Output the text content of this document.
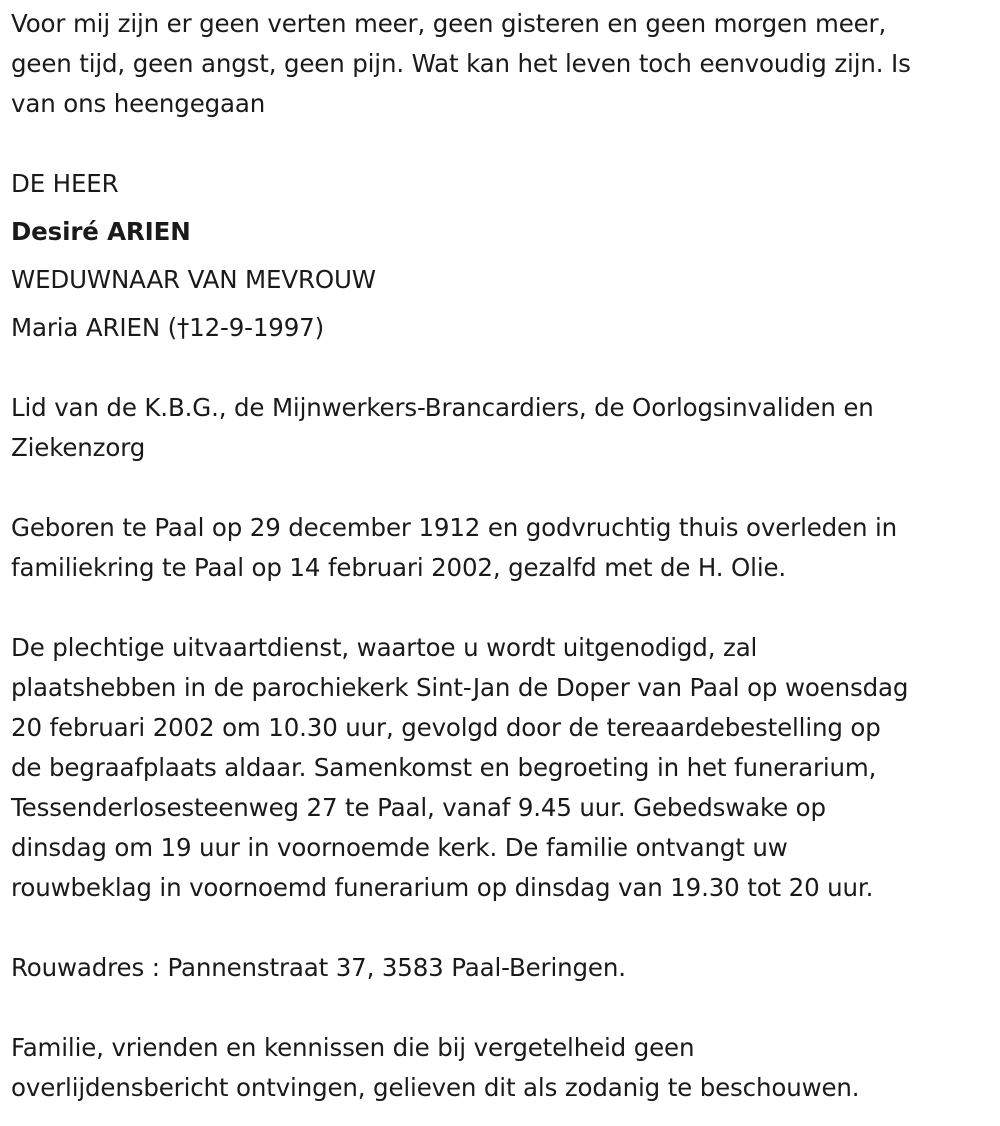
Voor mij zijn er geen verten meer, geen gisteren en geen morgen meer,
geen tijd, geen angst, geen pijn. Wat kan het leven toch eenvoudig zijn. Is
van ons heengegaan

DE HEER

Desiré ARIEN

WEDUWNAAR VAN MEVROUW

Maria ARIEN (†12-9-1997)

Lid van de K.B.G., de Mijnwerkers-Brancardiers, de Oorlogsinvaliden en
Ziekenzorg

Geboren te Paal op 29 december 1912 en godvruchtig thuis overleden in
familiekring te Paal op 14 februari 2002, gezalfd met de H. Olie.

De plechtige uitvaartdienst, waartoe u wordt uitgenodigd, zal
plaatshebben in de parochiekerk Sint-Jan de Doper van Paal op woensdag
20 februari 2002 om 10.30 uur, gevolgd door de tereaardebestelling op
de begraafplaats aldaar. Samenkomst en begroeting in het funerarium,
Tessenderlosesteenweg 27 te Paal, vanaf 9.45 uur. Gebedswake op
dinsdag om 19 uur in voornoemde kerk. De familie ontvangt uw
rouwbeklag in voornoemd funerarium op dinsdag van 19.30 tot 20 uur.

Rouwadres : Pannenstraat 37, 3583 Paal-Beringen.

Familie, vrienden en kennissen die bij vergetelheid geen
overlijdensbericht ontvingen, gelieven dit als zodanig te beschouwen.
